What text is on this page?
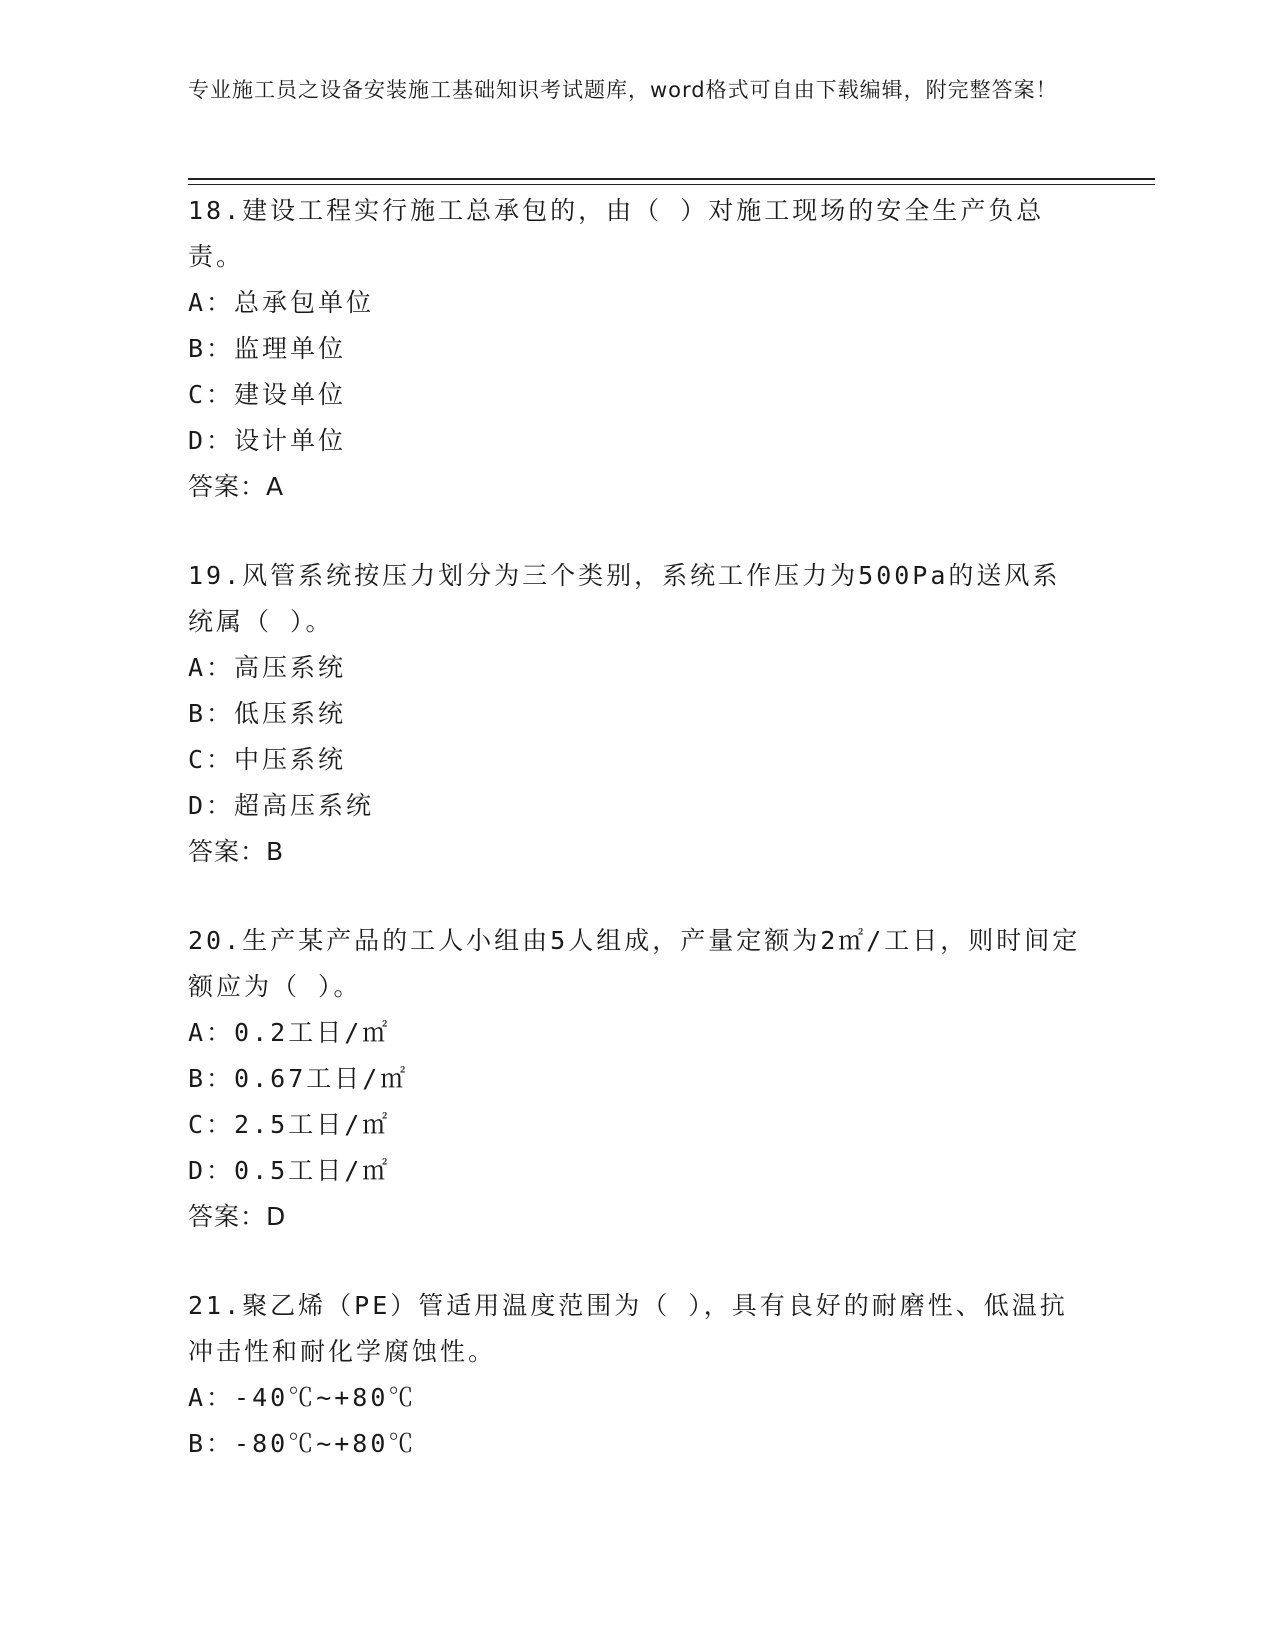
专业施工员之设备安装施工基础知识考试题库，word格式可自由下载编辑，附完整答案！

18.建设工程实行施工总承包的，由（ ）对施工现场的安全生产负总责。

A：总承包单位
B：监理单位
C：建设单位
D：设计单位
答案：A

19.风管系统按压力划分为三个类别，系统工作压力为500Pa的送风系统属（ ）。

A：高压系统
B：低压系统
C：中压系统
D：超高压系统
答案：B

20.生产某产品的工人小组由5人组成，产量定额为2㎡/工日，则时间定额应为（ ）。

A：0.2工日/㎡
B：0.67工日/㎡
C：2.5工日/㎡
D：0.5工日/㎡
答案：D

21.聚乙烯（PE）管适用温度范围为（ ），具有良好的耐磨性、低温抗冲击性和耐化学腐蚀性。

A：-40℃~+80℃
B：-80℃~+80℃
